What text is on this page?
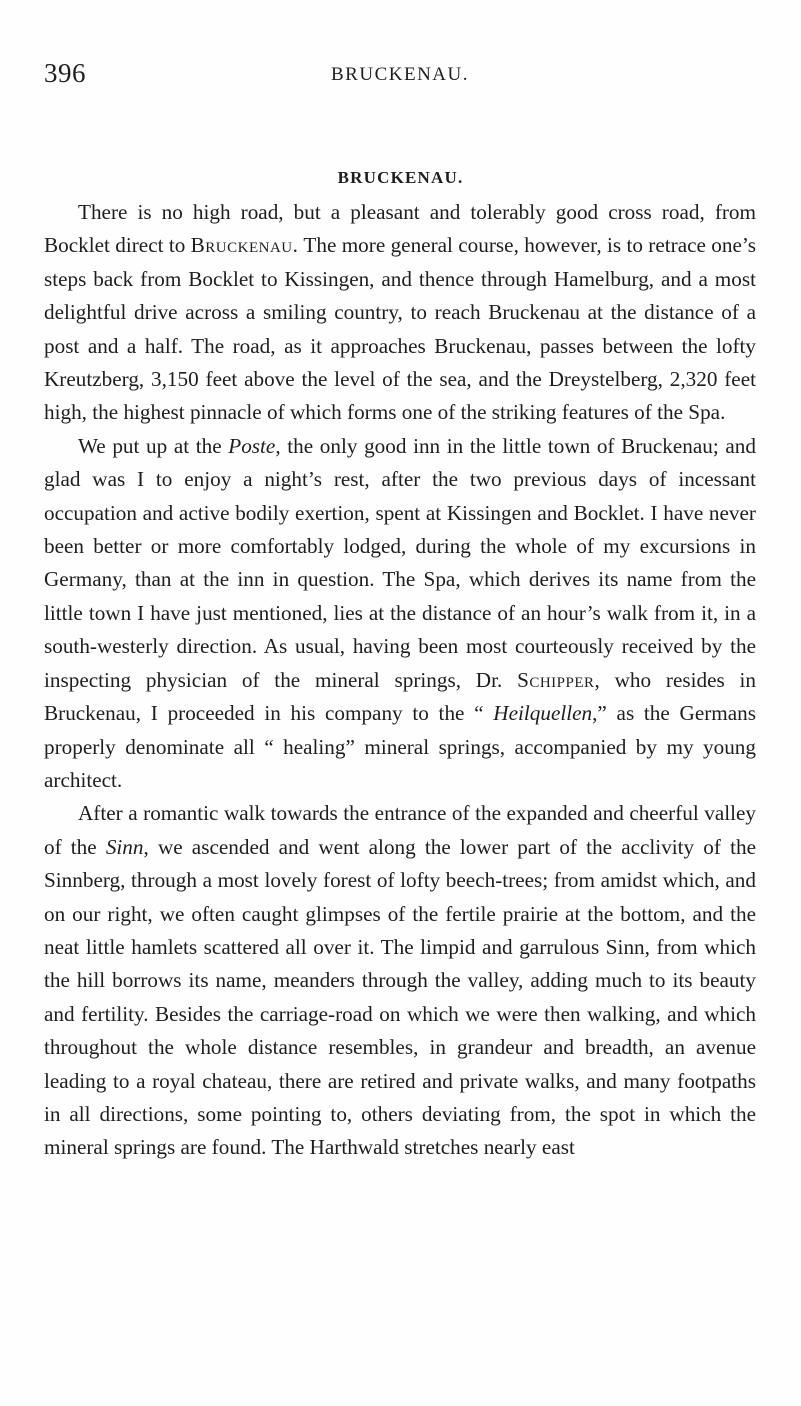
396	BRUCKENAU.
BRUCKENAU.

There is no high road, but a pleasant and tolerably good cross road, from Bocklet direct to Bruckenau. The more general course, however, is to retrace one’s steps back from Bocklet to Kissingen, and thence through Hamelburg, and a most delightful drive across a smiling country, to reach Bruckenau at the distance of a post and a half. The road, as it approaches Bruckenau, passes between the lofty Kreutzberg, 3,150 feet above the level of the sea, and the Dreystelberg, 2,320 feet high, the highest pinnacle of which forms one of the striking features of the Spa.

We put up at the Poste, the only good inn in the little town of Bruckenau; and glad was I to enjoy a night’s rest, after the two previous days of incessant occupation and active bodily exertion, spent at Kissingen and Bocklet. I have never been better or more comfortably lodged, during the whole of my excursions in Germany, than at the inn in question. The Spa, which derives its name from the little town I have just mentioned, lies at the distance of an hour’s walk from it, in a south-westerly direction. As usual, having been most courteously received by the inspecting physician of the mineral springs, Dr. Schipper, who resides in Bruckenau, I proceeded in his company to the “ Heilquellen,” as the Germans properly denominate all “ healing” mineral springs, accompanied by my young architect.

After a romantic walk towards the entrance of the expanded and cheerful valley of the Sinn, we ascended and went along the lower part of the acclivity of the Sinnberg, through a most lovely forest of lofty beech-trees; from amidst which, and on our right, we often caught glimpses of the fertile prairie at the bottom, and the neat little hamlets scattered all over it. The limpid and garrulous Sinn, from which the hill borrows its name, meanders through the valley, adding much to its beauty and fertility. Besides the carriage-road on which we were then walking, and which throughout the whole distance resembles, in grandeur and breadth, an avenue leading to a royal chateau, there are retired and private walks, and many footpaths in all directions, some pointing to, others deviating from, the spot in which the mineral springs are found. The Harthwald stretches nearly east
